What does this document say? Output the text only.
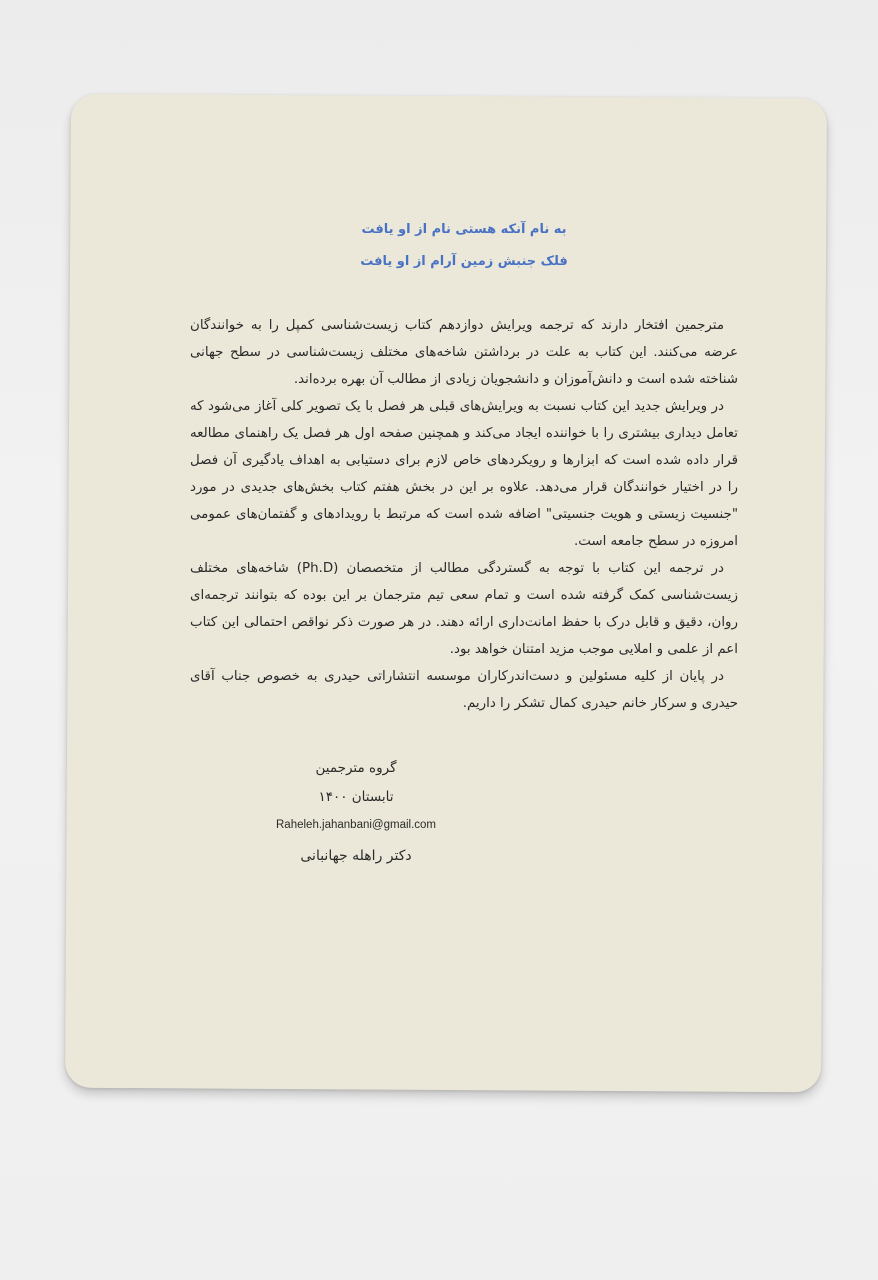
به نام آنکه هستی نام از او یافت
فلک جنبش زمین آرام از او یافت

مترجمین افتخار دارند که ترجمه ویرایش دوازدهم کتاب زیست‌شناسی کمپل را به خوانندگان عرضه می‌کنند. این کتاب به علت در برداشتن شاخه‌های مختلف زیست‌شناسی در سطح جهانی شناخته شده است و دانش‌آموزان و دانشجویان زیادی از مطالب آن بهره برده‌اند.

در ویرایش جدید این کتاب نسبت به ویرایش‌های قبلی هر فصل با یک تصویر کلی آغاز می‌شود که تعامل دیداری بیشتری را با خواننده ایجاد می‌کند و همچنین صفحه اول هر فصل یک راهنمای مطالعه قرار داده شده است که ابزارها و رویکردهای خاص لازم برای دستیابی به اهداف یادگیری آن فصل را در اختیار خوانندگان قرار می‌دهد. علاوه بر این در بخش هفتم کتاب بخش‌های جدیدی در مورد "جنسیت زیستی و هویت جنسیتی" اضافه شده است که مرتبط با رویدادهای و گفتمان‌های عمومی امروزه در سطح جامعه است.

در ترجمه این کتاب با توجه به گستردگی مطالب از متخصصان (Ph.D) شاخه‌های مختلف زیست‌شناسی کمک گرفته شده است و تمام سعی تیم مترجمان بر این بوده که بتوانند ترجمه‌ای روان، دقیق و قابل درک با حفظ امانت‌داری ارائه دهند. در هر صورت ذکر نواقص احتمالی این کتاب اعم از علمی و املایی موجب مزید امتنان خواهد بود.

در پایان از کلیه مسئولین و دست‌اندرکاران موسسه انتشاراتی حیدری به خصوص جناب آقای حیدری و سرکار خانم حیدری کمال تشکر را داریم.

گروه مترجمین
تابستان ۱۴۰۰
Raheleh.jahanbani@gmail.com
دکتر راهله جهانبانی
